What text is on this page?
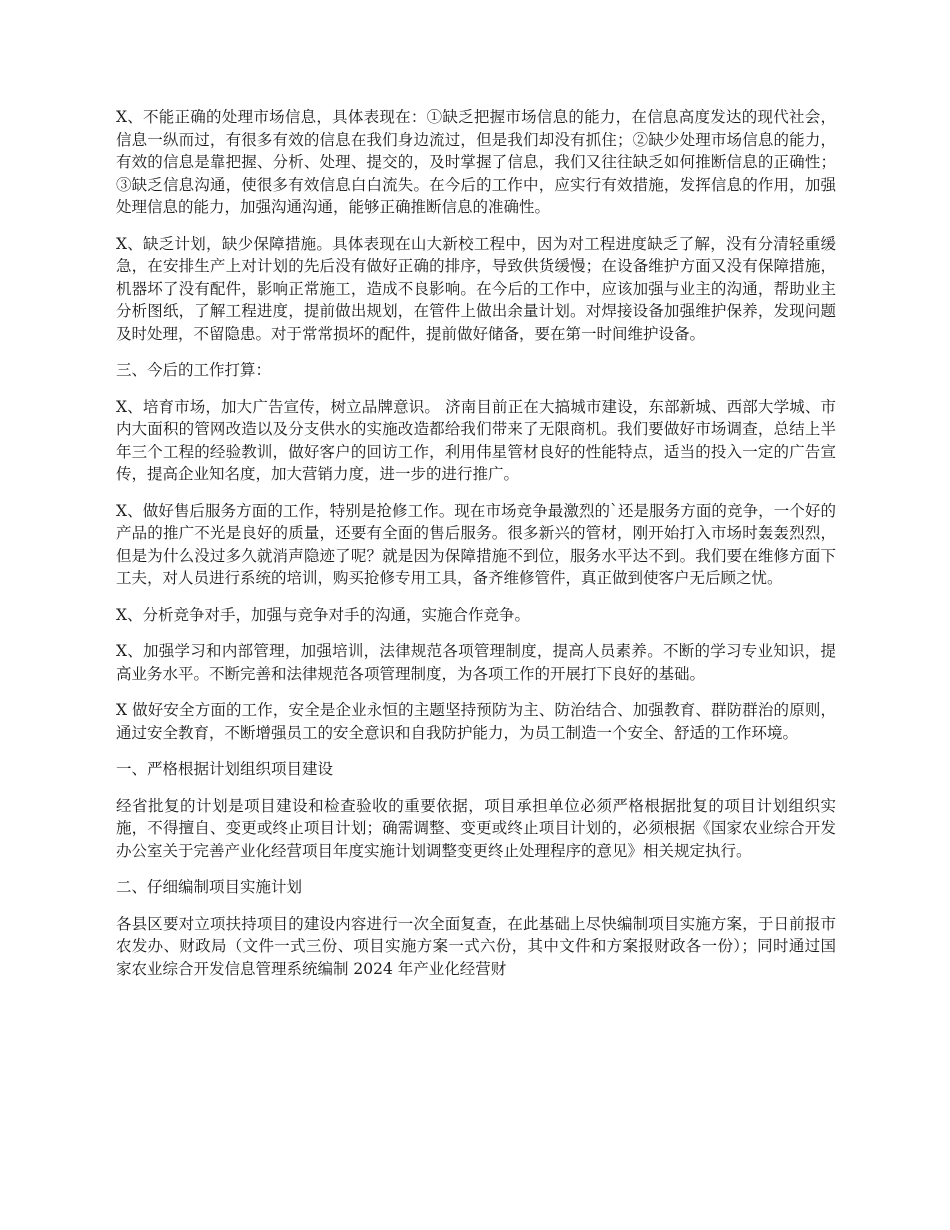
X、不能正确的处理市场信息，具体表现在：①缺乏把握市场信息的能力，在信息高度发达的现代社会，信息一纵而过，有很多有效的信息在我们身边流过，但是我们却没有抓住；②缺少处理市场信息的能力，有效的信息是靠把握、分析、处理、提交的，及时掌握了信息，我们又往往缺乏如何推断信息的正确性；③缺乏信息沟通，使很多有效信息白白流失。在今后的工作中，应实行有效措施，发挥信息的作用，加强处理信息的能力，加强沟通沟通，能够正确推断信息的准确性。

X、缺乏计划，缺少保障措施。具体表现在山大新校工程中，因为对工程进度缺乏了解，没有分清轻重缓急，在安排生产上对计划的先后没有做好正确的排序，导致供货缓慢；在设备维护方面又没有保障措施，机器坏了没有配件，影响正常施工，造成不良影响。在今后的工作中，应该加强与业主的沟通，帮助业主分析图纸，了解工程进度，提前做出规划，在管件上做出余量计划。对焊接设备加强维护保养，发现问题及时处理，不留隐患。对于常常损坏的配件，提前做好储备，要在第一时间维护设备。

三、今后的工作打算：

X、培育市场，加大广告宣传，树立品牌意识。 济南目前正在大搞城市建设，东部新城、西部大学城、市内大面积的管网改造以及分支供水的实施改造都给我们带来了无限商机。我们要做好市场调查，总结上半年三个工程的经验教训，做好客户的回访工作，利用伟星管材良好的性能特点，适当的投入一定的广告宣传，提高企业知名度，加大营销力度，进一步的进行推广。

X、做好售后服务方面的工作，特别是抢修工作。现在市场竞争最激烈的`还是服务方面的竞争，一个好的产品的推广不光是良好的质量，还要有全面的售后服务。很多新兴的管材，刚开始打入市场时轰轰烈烈，但是为什么没过多久就消声隐迹了呢？就是因为保障措施不到位，服务水平达不到。我们要在维修方面下工夫，对人员进行系统的培训，购买抢修专用工具，备齐维修管件，真正做到使客户无后顾之忧。

X、分析竞争对手，加强与竞争对手的沟通，实施合作竞争。

X、加强学习和内部管理，加强培训，法律规范各项管理制度，提高人员素养。不断的学习专业知识，提高业务水平。不断完善和法律规范各项管理制度，为各项工作的开展打下良好的基础。

X 做好安全方面的工作，安全是企业永恒的主题坚持预防为主、防治结合、加强教育、群防群治的原则，通过安全教育，不断增强员工的安全意识和自我防护能力，为员工制造一个安全、舒适的工作环境。

一、严格根据计划组织项目建设

经省批复的计划是项目建设和检查验收的重要依据，项目承担单位必须严格根据批复的项目计划组织实施，不得擅自、变更或终止项目计划；确需调整、变更或终止项目计划的，必须根据《国家农业综合开发办公室关于完善产业化经营项目年度实施计划调整变更终止处理程序的意见》相关规定执行。

二、仔细编制项目实施计划

各县区要对立项扶持项目的建设内容进行一次全面复查，在此基础上尽快编制项目实施方案，于日前报市农发办、财政局（文件一式三份、项目实施方案一式六份，其中文件和方案报财政各一份）；同时通过国家农业综合开发信息管理系统编制 2024 年产业化经营财
